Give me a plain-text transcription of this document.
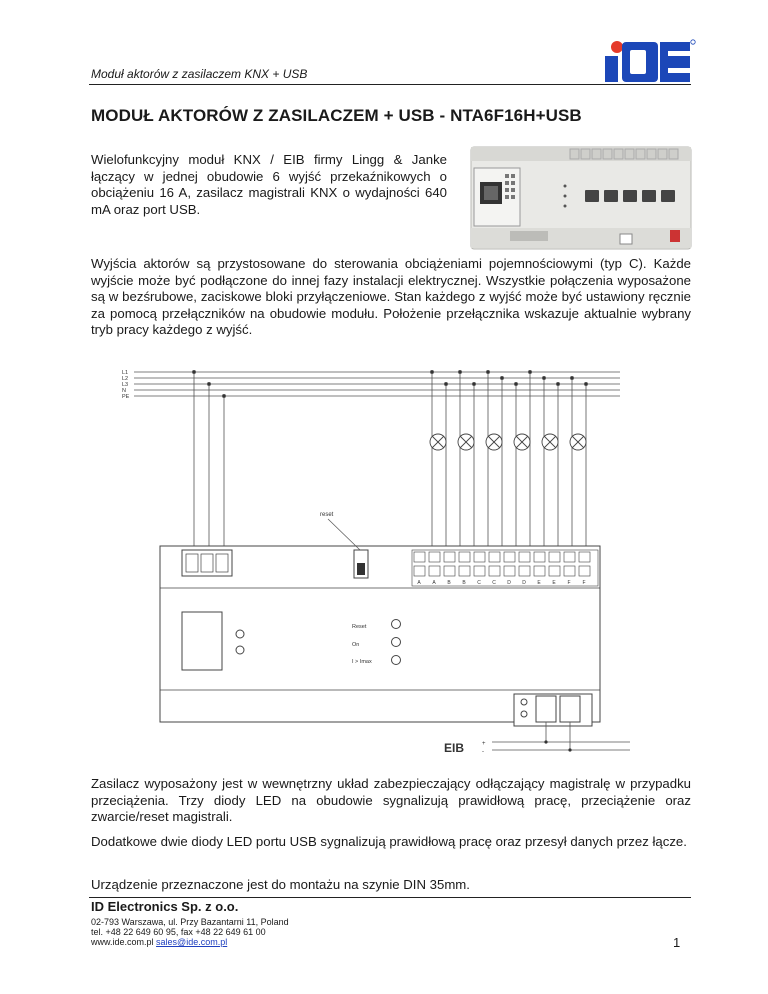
Moduł aktorów z zasilaczem KNX + USB
MODUŁ AKTORÓW Z ZASILACZEM + USB - NTA6F16H+USB
Wielofunkcyjny moduł KNX / EIB firmy Lingg & Janke łączący w jednej obudowie 6 wyjść przekaźnikowych o obciążeniu 16 A, zasilacz magistrali KNX o wydajności 640 mA oraz port USB.
Wyjścia aktorów są przystosowane do sterowania obciążeniami pojemnościowymi (typ C). Każde wyjście może być podłączone do innej fazy instalacji elektrycznej. Wszystkie połączenia wyposażone są w bezśrubowe, zaciskowe bloki przyłączeniowe. Stan każdego z wyjść może być ustawiony ręcznie za pomocą przełączników na obudowie modułu. Położenie przełącznika wskazuje aktualnie wybrany tryb pracy każdego z wyjść.
L1
L2
L3
N
PE
reset
A A B B C C D D E E F F
Reset
On
I > Imax
EIB	+
-
Zasilacz wyposażony jest w wewnętrzny układ zabezpieczający odłączający magistralę w przypadku przeciążenia. Trzy diody LED na obudowie sygnalizują prawidłową pracę, przeciążenie oraz zwarcie/reset magistrali.
Dodatkowe dwie diody LED portu USB sygnalizują prawidłową pracę oraz przesył danych przez łącze.
Urządzenie przeznaczone jest do montażu na szynie DIN 35mm.
ID Electronics Sp. z o.o.
02-793 Warszawa, ul. Przy Bazantarni 11, Poland
tel. +48 22 649 60 95, fax +48 22 649 61 00
www.ide.com.pl sales@ide.com.pl	1
